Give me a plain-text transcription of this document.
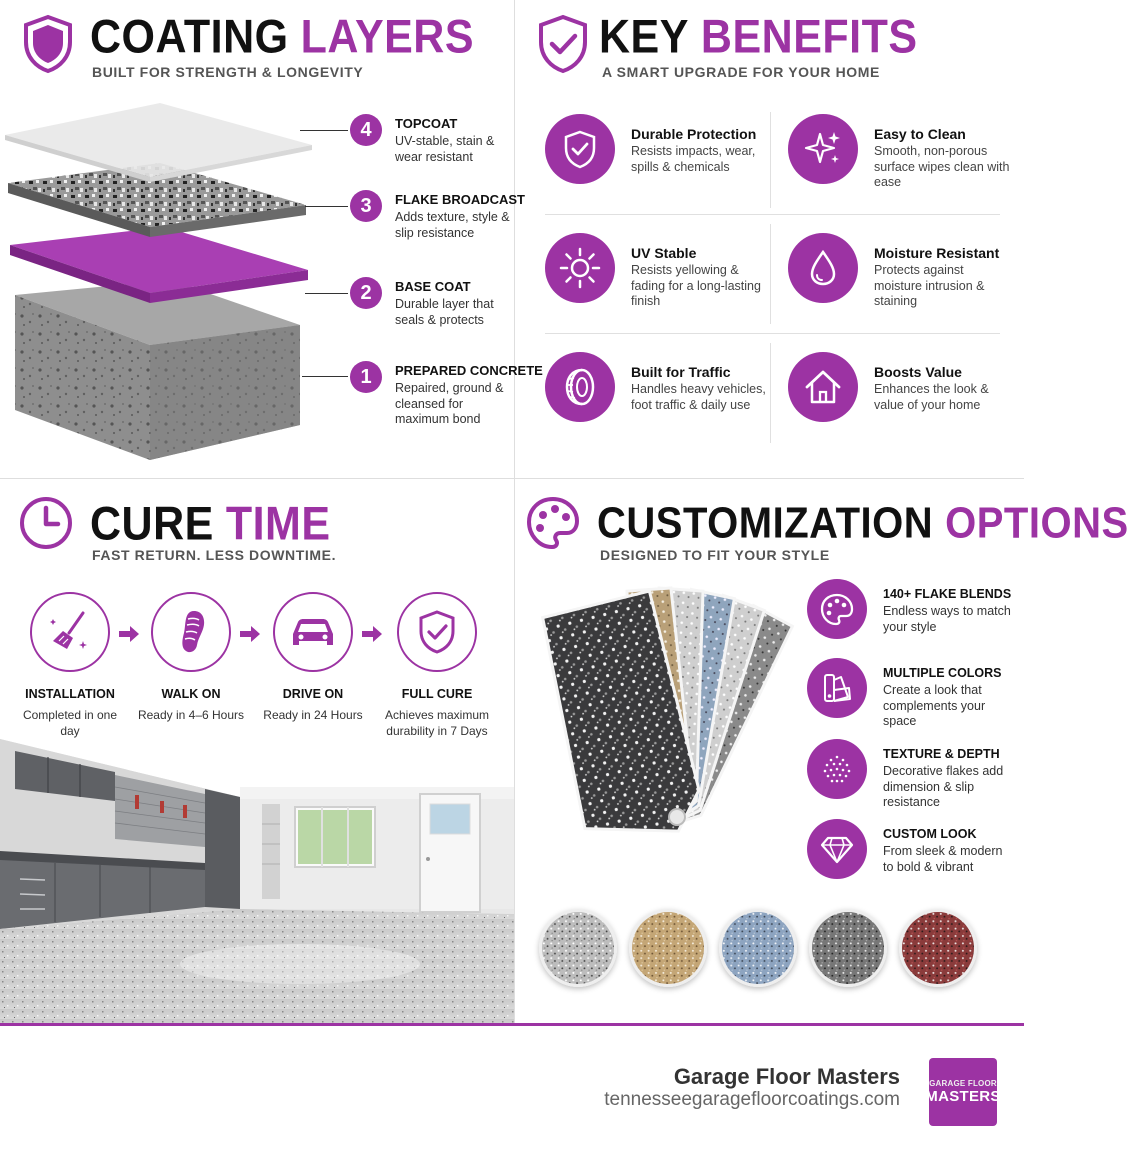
COATING LAYERS
BUILT FOR STRENGTH & LONGEVITY
4	TOPCOAT
UV-stable, stain & wear resistant
3	FLAKE BROADCAST
Adds texture, style & slip resistance
2	BASE COAT
Durable layer that seals & protects
1	PREPARED CONCRETE
Repaired, ground & cleansed for maximum bond
KEY BENEFITS
A SMART UPGRADE FOR YOUR HOME
Durable Protection
Resists impacts, wear, spills & chemicals
Easy to Clean
Smooth, non-porous surface wipes clean with ease
UV Stable
Resists yellowing & fading for a long-lasting finish
Moisture Resistant
Protects against moisture intrusion & staining
Built for Traffic
Handles heavy vehicles, foot traffic & daily use
Boosts Value
Enhances the look & value of your home
CURE TIME
FAST RETURN. LESS DOWNTIME.
INSTALLATION
Completed in one day
WALK ON
Ready in 4–6 Hours
DRIVE ON
Ready in 24 Hours
FULL CURE
Achieves maximum durability in 7 Days
CUSTOMIZATION OPTIONS
DESIGNED TO FIT YOUR STYLE
140+ FLAKE BLENDS
Endless ways to match your style
MULTIPLE COLORS
Create a look that complements your space
TEXTURE & DEPTH
Decorative flakes add dimension & slip resistance
CUSTOM LOOK
From sleek & modern to bold & vibrant
Garage Floor Masters
tennesseegaragefloorcoatings.com
GARAGE FLOOR
MASTERS
